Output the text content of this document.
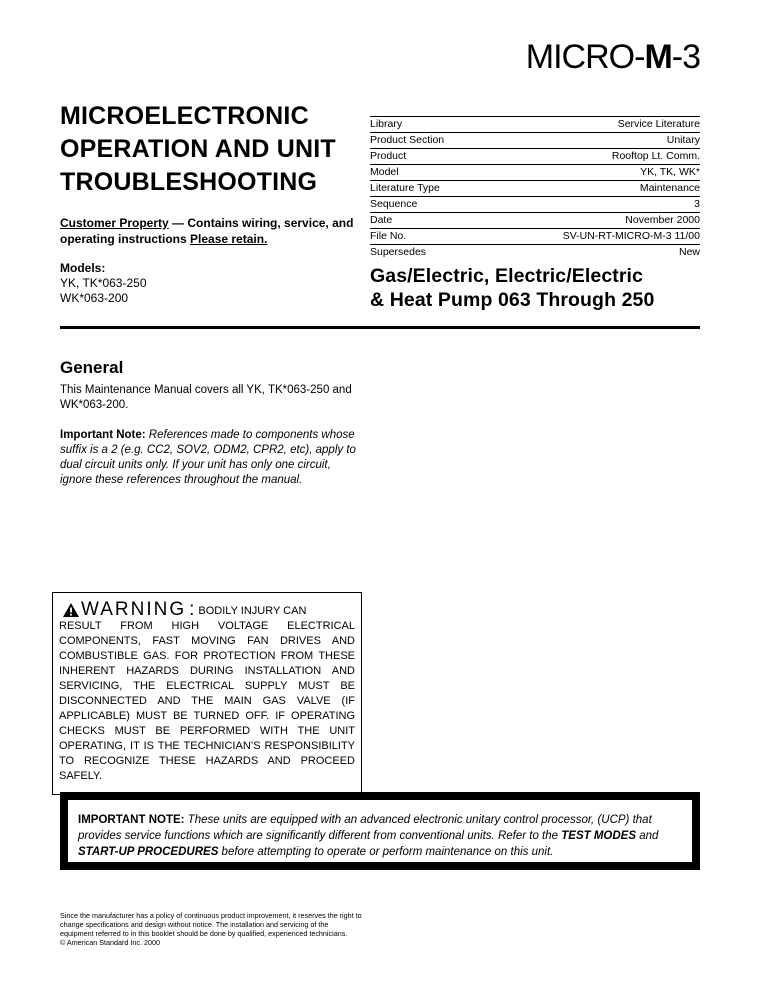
MICRO-M-3
MICROELECTRONIC
OPERATION AND UNIT
TROUBLESHOOTING
Customer Property — Contains wiring, service, and operating instructions Please retain.
Models:
YK, TK*063-250
WK*063-200
Library	Service Literature
Product Section	Unitary
Product	Rooftop Lt. Comm.
Model	YK, TK, WK*
Literature Type	Maintenance
Sequence	3
Date	November 2000
File No.	SV-UN-RT-MICRO-M-3 11/00
Supersedes	New
Gas/Electric, Electric/Electric
& Heat Pump 063 Through 250
General
This Maintenance Manual covers all YK, TK*063-250 and WK*063-200.
Important Note: References made to components whose suffix is a 2 (e.g. CC2, SOV2, ODM2, CPR2, etc), apply to dual circuit units only. If your unit has only one circuit, ignore these references throughout the manual.
WARNING : BODILY INJURY CAN
RESULT FROM HIGH VOLTAGE ELECTRICAL COMPONENTS, FAST MOVING FAN DRIVES AND COMBUSTIBLE GAS. FOR PROTECTION FROM THESE INHERENT HAZARDS DURING INSTALLATION AND SERVICING, THE ELECTRICAL SUPPLY MUST BE DISCONNECTED AND THE MAIN GAS VALVE (IF APPLICABLE) MUST BE TURNED OFF. IF OPERATING CHECKS MUST BE PERFORMED WITH THE UNIT OPERATING, IT IS THE TECHNICIAN’S RESPONSIBILITY TO RECOGNIZE THESE HAZARDS AND PROCEED SAFELY.
IMPORTANT NOTE: These units are equipped with an advanced electronic unitary control processor, (UCP) that provides service functions which are significantly different from conventional units. Refer to the TEST MODES and START-UP PROCEDURES before attempting to operate or perform maintenance on this unit.
Since the manufacturer has a policy of continuous product improvement, it reserves the right to
change specifications and design without notice. The installation and servicing of the
equipment referred to in this booklet should be done by qualified, experienced technicians.
© American Standard Inc. 2000
